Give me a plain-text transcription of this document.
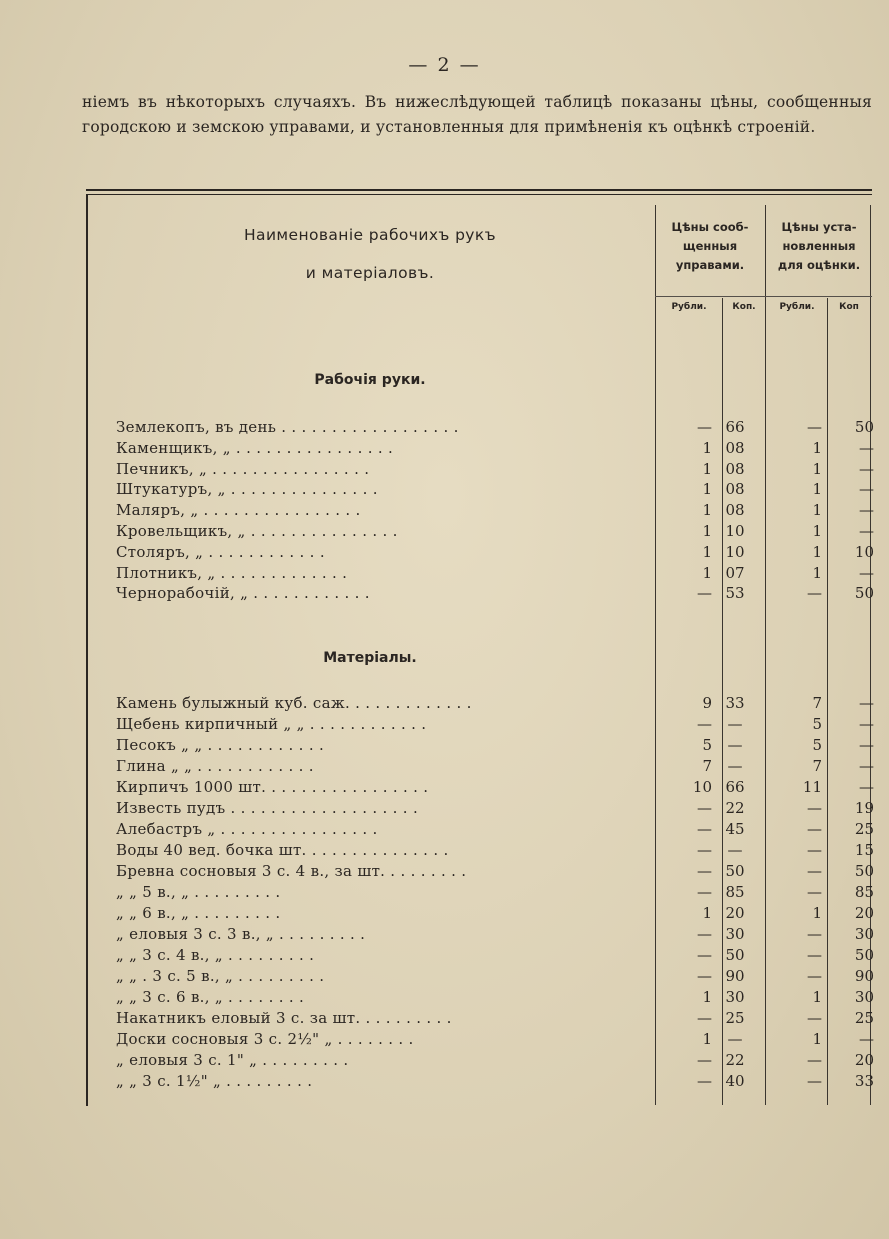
— 2 —
ніемъ въ нѣкоторыхъ случаяхъ. Въ нижеслѣдующей таблицѣ показаны цѣны, сообщенныя городскою и земскою управами, и установленныя для примѣненія къ оцѣнкѣ строеній.
Наименованіе рабочихъ рукъ
и матеріаловъ.
Цѣны сооб-
щенныя
управами.
Цѣны уста-
новленныя
для оцѣнки.
Рубли.	Коп.	Рубли.	Коп
Рабочія руки.
Матеріалы.
Землекопъ, въ день . . . . . . . . . . . . . . . . . .	— 66	—	50
Каменщикъ, „ . . . . . . . . . . . . . . . .	1 08	1	—
Печникъ, „ . . . . . . . . . . . . . . . .	1 08	1	—
Штукатуръ, „ . . . . . . . . . . . . . . .	1 08	1	—
Маляръ, „ . . . . . . . . . . . . . . . .	1 08	1	—
Кровельщикъ, „ . . . . . . . . . . . . . . .	1 10	1	—
Столяръ, „ . . . . . . . . . . . .	1 10	1	10
Плотникъ, „ . . . . . . . . . . . . .	1 07	1	—
Чернорабочій, „ . . . . . . . . . . . .	— 53	—	50
Камень булыжный куб. саж. . . . . . . . . . . . .	9 33	7	—
Щебень кирпичный „ „ . . . . . . . . . . . .	—	—	5	—
Песокъ „ „ . . . . . . . . . . . .	5	—	5	—
Глина „ „ . . . . . . . . . . . .	7	—	7	—
Кирпичъ 1000 шт. . . . . . . . . . . . . . . . .	10 66	11	—
Известь пудъ . . . . . . . . . . . . . . . . . . .	— 22	—	19
Алебастръ „ . . . . . . . . . . . . . . . .	— 45	—	25
Воды 40 вед. бочка шт. . . . . . . . . . . . . . .	—	—	—	15
Бревна сосновыя 3 с. 4 в., за шт. . . . . . . . .	— 50	—	50
„ „ 5 в., „ . . . . . . . . .	— 85	—	85
„ „ 6 в., „ . . . . . . . . .	1 20	1	20
„ еловыя 3 с. 3 в., „ . . . . . . . . .	— 30	—	30
„ „ 3 с. 4 в., „ . . . . . . . . .	— 50	—	50
„ „ . 3 с. 5 в., „ . . . . . . . . .	— 90	—	90
„ „ 3 с. 6 в., „ . . . . . . . .	1 30	1	30
Накатникъ еловый 3 с. за шт. . . . . . . . . .	— 25	—	25
Доски сосновыя 3 с. 2½" „ . . . . . . . .	1	—	1	—
„ еловыя 3 с. 1" „ . . . . . . . . .	— 22	—	20
„ „ 3 с. 1½" „ . . . . . . . . .	— 40	—	33
